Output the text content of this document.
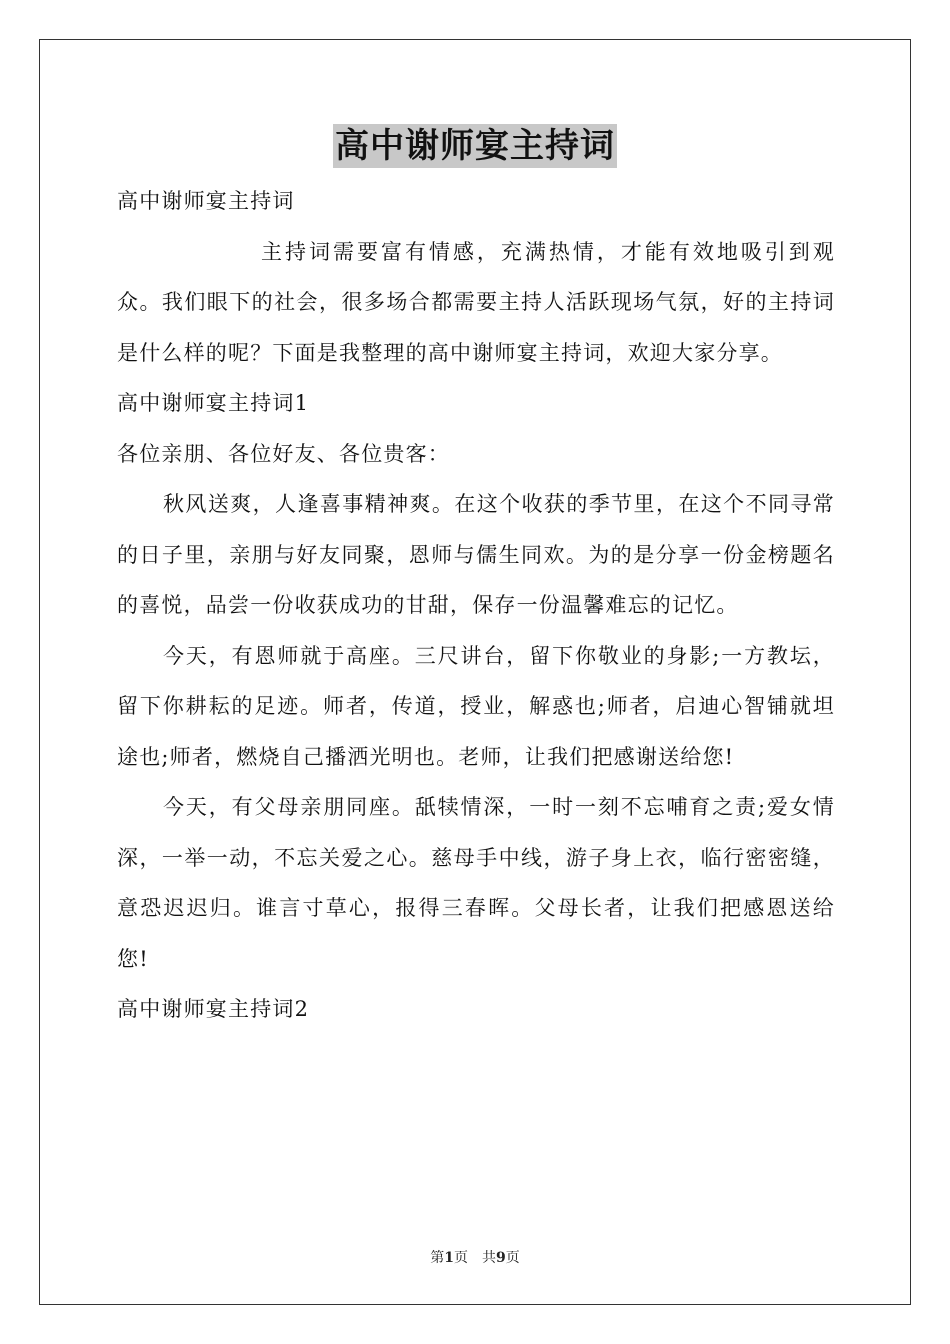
高中谢师宴主持词

高中谢师宴主持词

主持词需要富有情感，充满热情，才能有效地吸引到观众。我们眼下的社会，很多场合都需要主持人活跃现场气氛，好的主持词是什么样的呢？下面是我整理的高中谢师宴主持词，欢迎大家分享。

高中谢师宴主持词1

各位亲朋、各位好友、各位贵客：

秋风送爽，人逢喜事精神爽。在这个收获的季节里，在这个不同寻常的日子里，亲朋与好友同聚，恩师与儒生同欢。为的是分享一份金榜题名的喜悦，品尝一份收获成功的甘甜，保存一份温馨难忘的记忆。

今天，有恩师就于高座。三尺讲台，留下你敬业的身影;一方教坛，留下你耕耘的足迹。师者，传道，授业，解惑也;师者，启迪心智铺就坦途也;师者，燃烧自己播洒光明也。老师，让我们把感谢送给您!

今天，有父母亲朋同座。舐犊情深，一时一刻不忘哺育之责;爱女情深，一举一动，不忘关爱之心。慈母手中线，游子身上衣，临行密密缝，意恐迟迟归。谁言寸草心，报得三春晖。父母长者，让我们把感恩送给您!

高中谢师宴主持词2

第1页 共9页
